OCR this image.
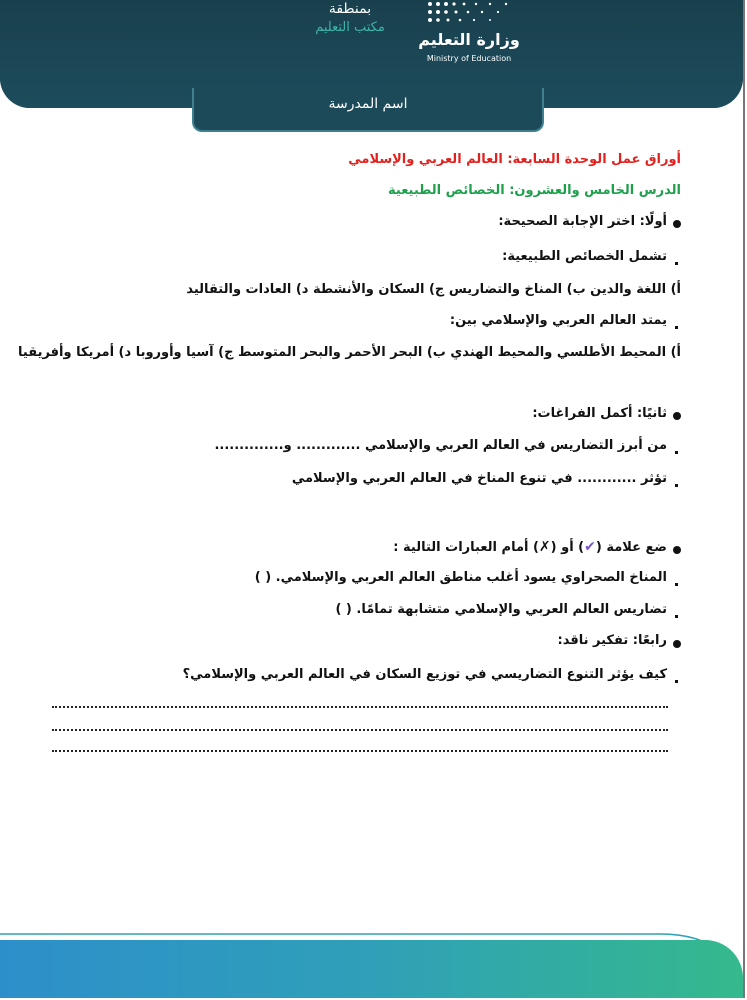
وزارة التعليم
Ministry of Education
بمنطقة
مكتب التعليم
اسم المدرسة
أوراق عمل الوحدة السابعة: العالم العربي والإسلامي
الدرس الخامس والعشرون: الخصائص الطبيعية
أولًا: اختر الإجابة الصحيحة:
تشمل الخصائص الطبيعية:
أ) اللغة والدين ب) المناخ والتضاريس ج) السكان والأنشطة د) العادات والتقاليد
يمتد العالم العربي والإسلامي بين:
أ) المحيط الأطلسي والمحيط الهندي ب) البحر الأحمر والبحر المتوسط ج) آسيا وأوروبا د) أمريكا وأفريقيا
ثانيًا: أكمل الفراغات:
من أبرز التضاريس في العالم العربي والإسلامي ............. و..............
تؤثر ............ في تنوع المناخ في العالم العربي والإسلامي
ضع علامة (✔) أو (✗) أمام العبارات التالية :
المناخ الصحراوي يسود أغلب مناطق العالم العربي والإسلامي. ( )
تضاريس العالم العربي والإسلامي متشابهة تمامًا. ( )
رابعًا: تفكير ناقد:
كيف يؤثر التنوع التضاريسي في توزيع السكان في العالم العربي والإسلامي؟
